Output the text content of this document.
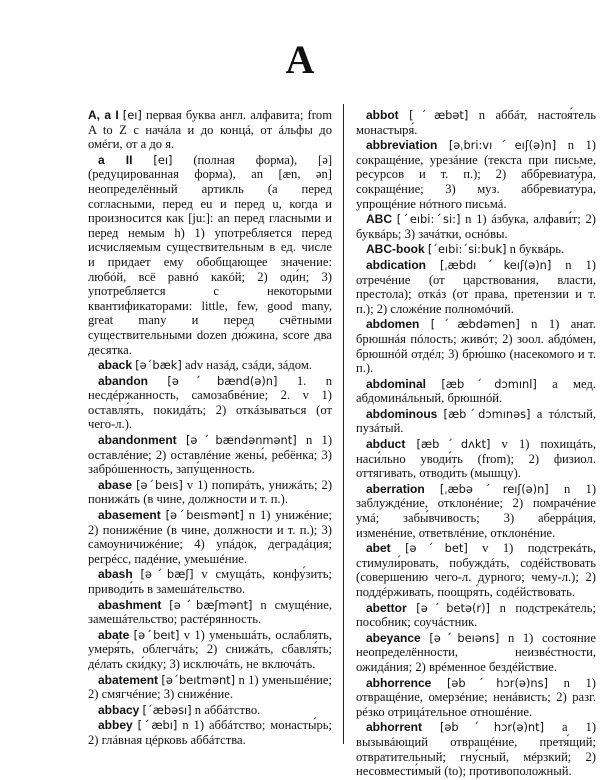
A

A, a I [eı] первая буква англ. алфавита; from A to Z с начáла и до концá, от áльфы до омéги, от а до я.

a II [eı] (полная форма), [ə] (редуцированная форма), an [æn, ən] неопределённый артикль (а перед согласными, перед eu и перед u, когда и произносится как [ju:]: an перед гласными и перед немым h) 1) употребляется перед исчисляемым существительным в ед. числе и придает ему обобщающее значение: любóй, всё равнó какóй; 2) оди́н; 3) употребляется с некоторыми квантификаторами: little, few, good many, great many и перед счётными существительными dozen дю́жина, score два десятка.

aback [əˊbæk] adv назáд, сзáди, зáдом.

abandon [əˊbænd(ə)n] 1. n несдéржанность, самозабвéние; 2. v 1) оставля́ть, покидáть; 2) откáзываться (от чего-л.).

abandonment [əˊbændənmənt] n 1) оставлéние; 2) оставлéние жены́, ребёнка; 3) забрóшенность, запу́щенность.

abase [əˊbeıs] v 1) попирáть, унижáть; 2) понижáть (в чине, должности и т. п.).

abasement [əˊbeısmənt] n 1) унижéние; 2) понижéние (в чине, должности и т. п.); 3) самоуничижéние; 4) упáдок, деградáция; регрéсс, падéние, умеьшéние.

abash [əˊbæʃ] v смущáть, конфу́зить; приводи́ть в замешáтельство.

abashment [əˊbæʃmənt] n смущéние, замешáтельство; растéрянность.

abate [əˊbeıt] v 1) уменьшáть, ослаблять, умеря́ть, облегчáть; 2) снижáть, сбавля́ть; дéлать ски́дку; 3) исключáть, не включáть.

abatement [əˊbeıtmənt] n 1) уменьшéние; 2) смягчéние; 3) снижéние.

abbacy [ˊæbəsı] n аббáтство.

abbey [ˊæbı] n 1) аббáтство; монасты́рь; 2) глáвная цéрковь аббáтства.

abbot [ˊæbət] n аббáт, настоя́тель монастыря́.

abbreviation [əˌbri:vıˊeıʃ(ə)n] n 1) сокращéние, урезáние (текста при письме, ресурсов и т. п.); 2) аббревиату́ра, сокращéние; 3) муз. аббревиату́ра, упрощéние нóтного письмá.

ABC [ˊeıbi:ˊsi:] n 1) áзбука, алфави́т; 2) буквáрь; 3) зачáтки, оснóвы.

ABC-book [ˊeıbi:ˊsi:buk] n буквáрь.

abdication [ˌæbdıˊkeıʃ(ə)n] n 1) отречéние (от царствования, власти, престола); откáз (от права, претензии и т. п.); 2) сложéние полномóчий.

abdomen [ˊæbdəmen] n 1) анат. брюшнáя пóлость; живóт; 2) зоол. абдóмен, брюшнóй отдéл; 3) брю́шко (насекомого и т. п.).

abdominal [æbˊdɔmınl] a мед. абдоминáльный, брюшнóй.

abdominous [æbˊdɔmınəs] a тóлстый, пузáтый.

abduct [æbˊdʌkt] v 1) похищáть, наси́льно уводи́ть (from); 2) физиол. оттягивать, отводи́ть (мышцу).

aberration [ˌæbəˊreıʃ(ə)n] n 1) заблуждéние, отклонéние; 2) помрачéние умá; забы́вчивость; 3) аберрáция, изменéние, ответвлéние, отклонéние.

abet [əˊbet] v 1) подстрекáть, стимули́ровать, побуждáть, содéйствовать (совершению чего-л. дурного; чему-л.); 2) поддéрживать, поощря́ть, содéйствовать.

abettor [əˊbetə(r)] n подстрекáтель; пособник; соучáстник.

abeyance [əˊbeıəns] n 1) состояние неопределённости, неизвéстности, ожидáния; 2) врéменное бездéйствие.

abhorrence [əbˊhɔr(ə)ns] n 1) отвращéние, омерзéние; ненáвисть; 2) разг. рéзко отрицáтельное отношéние.

abhorrent [əbˊhɔr(ə)nt] a 1) вызывáющий отвращéние, претя́щий; отвратительный; гну́сный, мéрзкий; 2) несовмести́мый (to); противоположный.
